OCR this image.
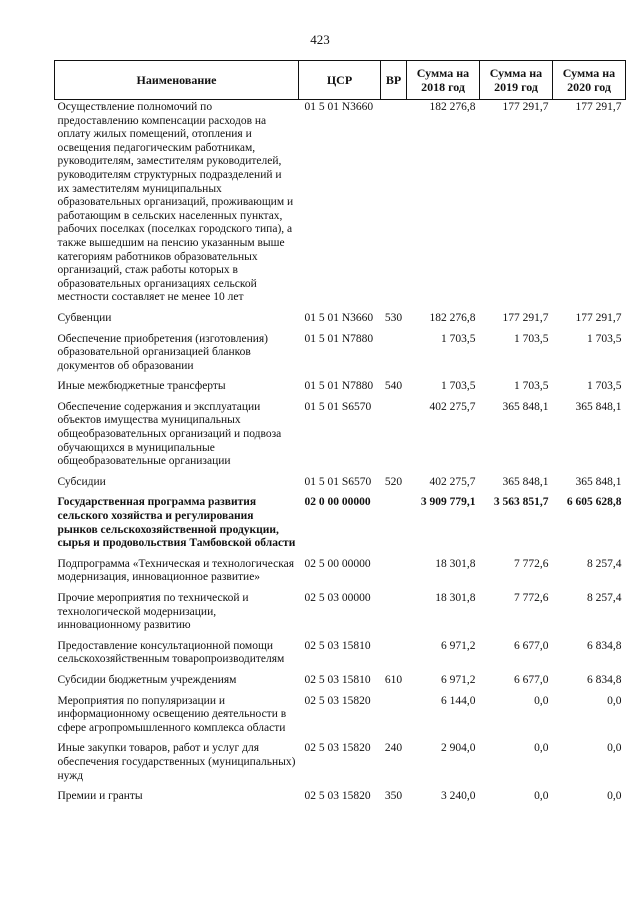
423
Наименование	ЦСР	ВР	Сумма на 2018 год	Сумма на 2019 год	Сумма на 2020 год
Осуществление полномочий по предоставлению компенсации расходов на оплату жилых помещений, отопления и освещения педагогическим работникам, руководителям, заместителям руководителей, руководителям структурных подразделений и их заместителям муниципальных образовательных организаций, проживающим и работающим в сельских населенных пунктах, рабочих поселках (поселках городского типа), а также вышедшим на пенсию указанным выше категориям работников образовательных организаций, стаж работы которых в образовательных организациях сельской местности составляет не менее 10 лет	01 5 01 N3660		182 276,8	177 291,7	177 291,7
Субвенции	01 5 01 N3660	530	182 276,8	177 291,7	177 291,7
Обеспечение приобретения (изготовления) образовательной организацией бланков документов об образовании	01 5 01 N7880		1 703,5	1 703,5	1 703,5
Иные межбюджетные трансферты	01 5 01 N7880	540	1 703,5	1 703,5	1 703,5
Обеспечение содержания и эксплуатации объектов имущества муниципальных общеобразовательных организаций и подвоза обучающихся в муниципальные общеобразовательные организации	01 5 01 S6570		402 275,7	365 848,1	365 848,1
Субсидии	01 5 01 S6570	520	402 275,7	365 848,1	365 848,1
Государственная программа развития сельского хозяйства и регулирования рынков сельскохозяйственной продукции, сырья и продовольствия Тамбовской области	02 0 00 00000		3 909 779,1	3 563 851,7	6 605 628,8
Подпрограмма «Техническая и технологическая модернизация, инновационное развитие»	02 5 00 00000		18 301,8	7 772,6	8 257,4
Прочие мероприятия по технической и технологической модернизации, инновационному развитию	02 5 03 00000		18 301,8	7 772,6	8 257,4
Предоставление консультационной помощи сельскохозяйственным товаропроизводителям	02 5 03 15810		6 971,2	6 677,0	6 834,8
Субсидии бюджетным учреждениям	02 5 03 15810	610	6 971,2	6 677,0	6 834,8
Мероприятия по популяризации и информационному освещению деятельности в сфере агропромышленного комплекса области	02 5 03 15820		6 144,0	0,0	0,0
Иные закупки товаров, работ и услуг для обеспечения государственных (муниципальных) нужд	02 5 03 15820	240	2 904,0	0,0	0,0
Премии и гранты	02 5 03 15820	350	3 240,0	0,0	0,0
